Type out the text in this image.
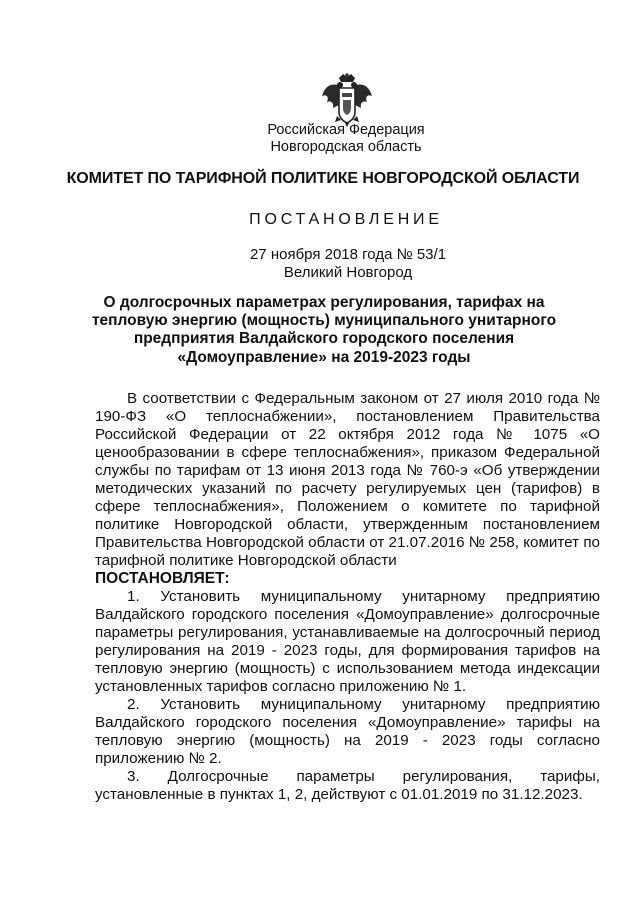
Российская Федерация
Новгородская область
КОМИТЕТ ПО ТАРИФНОЙ ПОЛИТИКЕ НОВГОРОДСКОЙ ОБЛАСТИ
ПОСТАНОВЛЕНИЕ
27 ноября 2018 года № 53/1
Великий Новгород
О долгосрочных параметрах регулирования, тарифах на
тепловую энергию (мощность) муниципального унитарного
предприятия Валдайского городского поселения
«Домоуправление» на 2019-2023 годы

В соответствии с Федеральным законом от 27 июля 2010 года № 190-ФЗ «О теплоснабжении», постановлением Правительства Российской Федерации от 22 октября 2012 года № 1075 «О ценообразовании в сфере теплоснабжения», приказом Федеральной службы по тарифам от 13 июня 2013 года № 760-э «Об утверждении методических указаний по расчету регулируемых цен (тарифов) в сфере теплоснабжения», Положением о комитете по тарифной политике Новгородской области, утвержденным постановлением Правительства Новгородской области от 21.07.2016 № 258, комитет по тарифной политике Новгородской области

ПОСТАНОВЛЯЕТ:

1. Установить муниципальному унитарному предприятию Валдайского городского поселения «Домоуправление» долгосрочные параметры регулирования, устанавливаемые на долгосрочный период регулирования на 2019 - 2023 годы, для формирования тарифов на тепловую энергию (мощность) с использованием метода индексации установленных тарифов согласно приложению № 1.

2. Установить муниципальному унитарному предприятию Валдайского городского поселения «Домоуправление» тарифы на тепловую энергию (мощность) на 2019 - 2023 годы согласно приложению № 2.

3. Долгосрочные параметры регулирования, тарифы, установленные в пунктах 1, 2, действуют с 01.01.2019 по 31.12.2023.
